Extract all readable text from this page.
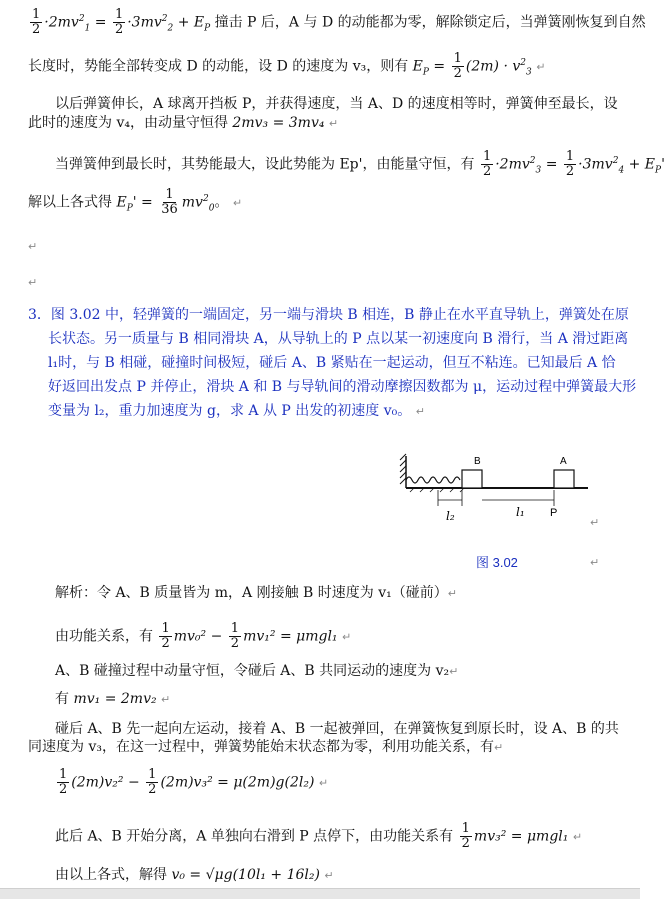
$\frac{1}{2} \cdot 2mv^2_1 = \frac{1}{2} \cdot 3mv^2_2 + E_P$ 撞击 P 后，A 与 D 的动能都为零，解除锁定后，当弹簧刚恢复到自然
长度时，势能全部转变成 D 的动能，设 D 的速度为 v₃，则有 $E_P = \frac{1}{2} (2m) \cdot v^2_3$ ↵
以后弹簧伸长，A 球离开挡板 P，并获得速度，当 A、D 的速度相等时，弹簧伸至最长，设
此时的速度为 v₄，由动量守恒得 2mv₃ = 3mv₄ ↵
当弹簧伸到最长时，其势能最大，设此势能为 Ep'，由能量守恒，有 $\frac{1}{2} \cdot 2mv^2_3 = \frac{1}{2} \cdot 3mv^2_4 + E_P'$
解以上各式得 $E_P' = \frac{1}{36} mv^2_0$。 ↵
↵
↵
3．图 3.02 中，轻弹簧的一端固定，另一端与滑块 B 相连，B 静止在水平直导轨上，弹簧处在原
长状态。另一质量与 B 相同滑块 A，从导轨上的 P 点以某一初速度向 B 滑行，当 A 滑过距离
l₁时，与 B 相碰，碰撞时间极短，碰后 A、B 紧贴在一起运动，但互不粘连。已知最后 A 恰
好返回出发点 P 并停止，滑块 A 和 B 与导轨间的滑动摩擦因数都为 μ，运动过程中弹簧最大形
变量为 l₂，重力加速度为 g，求 A 从 P 出发的初速度 v₀。 ↵
B	A
l₂	l₁ P
↵
图 3.02	↵
解析：令 A、B 质量皆为 m，A 刚接触 B 时速度为 v₁（碰前）↵
由功能关系，有 $\frac{1}{2} mv_0^2 - \frac{1}{2} mv_1^2 = \mu mgl_1$ ↵
A、B 碰撞过程中动量守恒，令碰后 A、B 共同运动的速度为 v₂↵
有 mv₁ = 2mv₂ ↵
碰后 A、B 先一起向左运动，接着 A、B 一起被弹回，在弹簧恢复到原长时，设 A、B 的共
同速度为 v₃，在这一过程中，弹簧势能始末状态都为零，利用功能关系，有↵
$\frac{1}{2} (2m)v_2^2 - \frac{1}{2} (2m)v_3^2 = \mu(2m)g(2l_2)$ ↵
此后 A、B 开始分离，A 单独向右滑到 P 点停下，由功能关系有 $\frac{1}{2} mv_3^2 = \mu mgl_1$ ↵
由以上各式，解得 v₀ = √μg(10l₁ + 16l₂) ↵
